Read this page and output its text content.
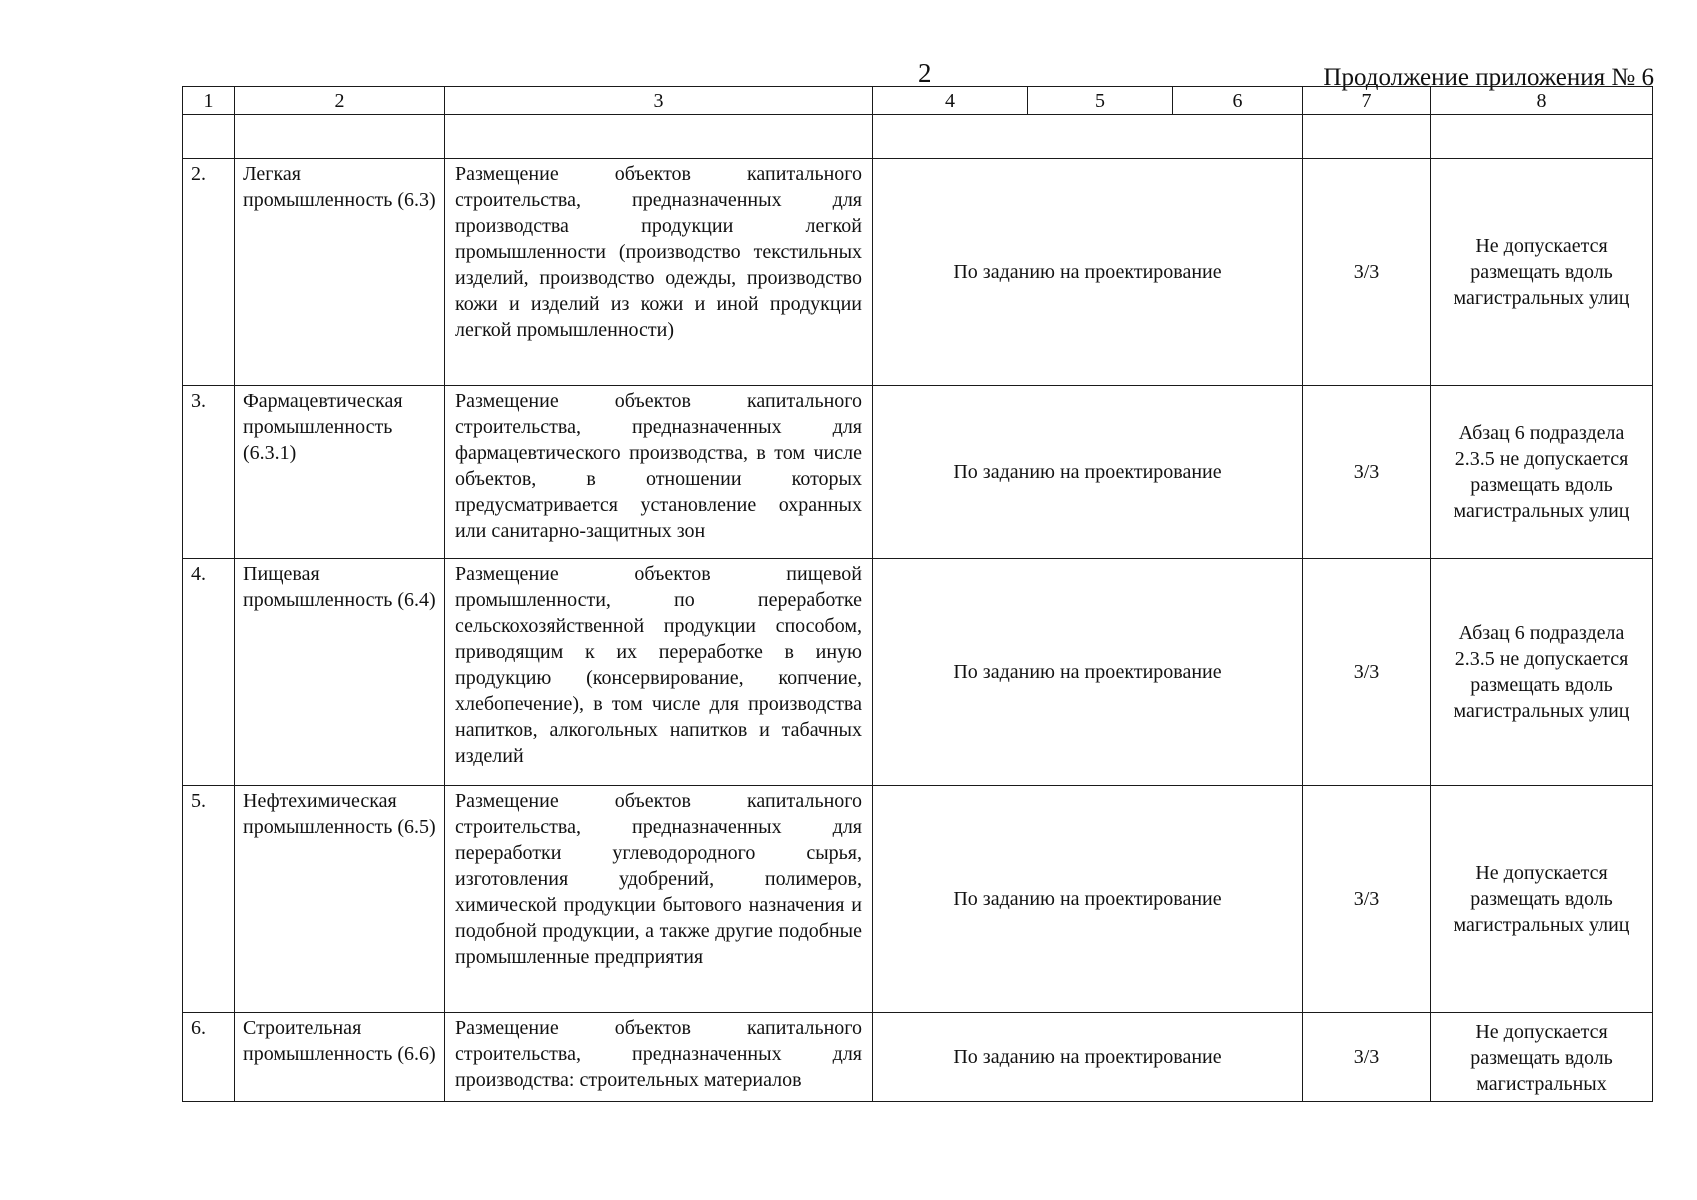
2	Продолжение приложения № 6
1	2	3	4	5	6	7	8

2.	Легкая промышленность (6.3)	Размещение объектов капитального строительства, предназначенных для производства продукции легкой промышленности (производство текстильных изделий, производство одежды, производство кожи и изделий из кожи и иной продукции легкой промышленности)	По заданию на проектирование			3/3	Не допускается размещать вдоль магистральных улиц
3.	Фармацевтическая промышленность (6.3.1)	Размещение объектов капитального строительства, предназначенных для фармацевтического производства, в том числе объектов, в отношении которых предусматривается установление охранных или санитарно-защитных зон	По заданию на проектирование			3/3	Абзац 6 подраздела 2.3.5 не допускается размещать вдоль магистральных улиц
4.	Пищевая промышленность (6.4)	Размещение объектов пищевой промышленности, по переработке сельскохозяйственной продукции способом, приводящим к их переработке в иную продукцию (консервирование, копчение, хлебопечение), в том числе для производства напитков, алкогольных напитков и табачных изделий	По заданию на проектирование			3/3	Абзац 6 подраздела 2.3.5 не допускается размещать вдоль магистральных улиц
5.	Нефтехимическая промышленность (6.5)	Размещение объектов капитального строительства, предназначенных для переработки углеводородного сырья, изготовления удобрений, полимеров, химической продукции бытового назначения и подобной продукции, а также другие подобные промышленные предприятия	По заданию на проектирование			3/3	Не допускается размещать вдоль магистральных улиц
6.	Строительная промышленность (6.6)	Размещение объектов капитального строительства, предназначенных для производства: строительных материалов	По заданию на проектирование			3/3	Не допускается размещать вдоль магистральных
